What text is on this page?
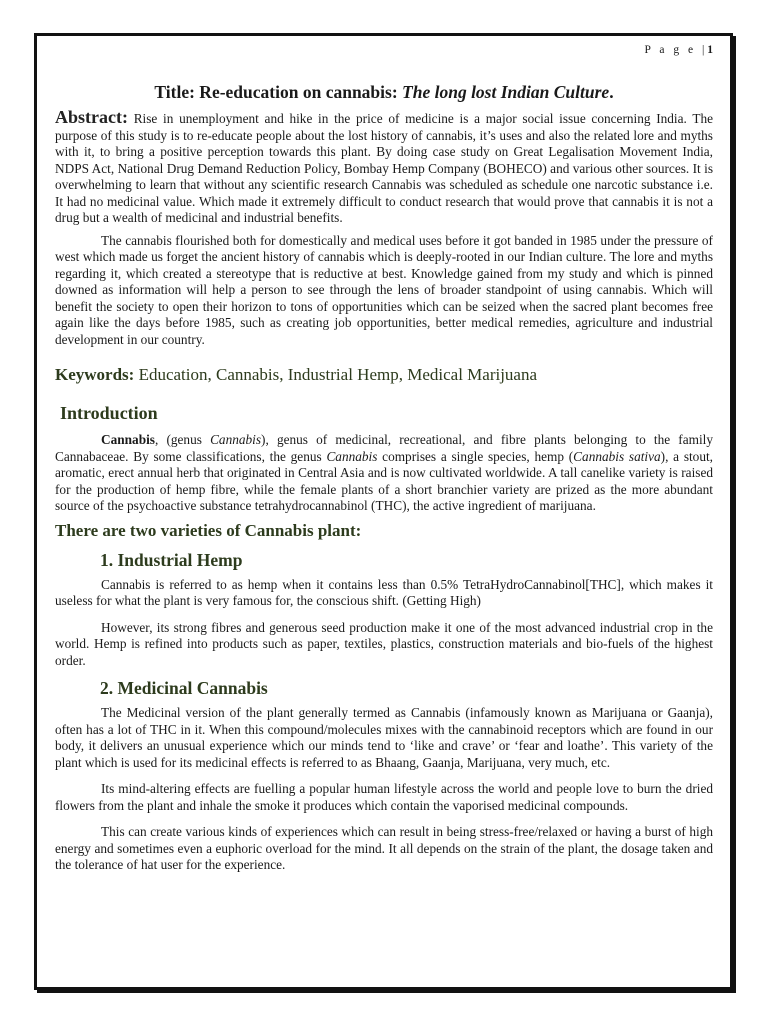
P a g e |1
Title: Re-education on cannabis: The long lost Indian Culture.

Abstract: Rise in unemployment and hike in the price of medicine is a major social issue concerning India. The purpose of this study is to re-educate people about the lost history of cannabis, it’s uses and also the related lore and myths with it, to bring a positive perception towards this plant. By doing case study on Great Legalisation Movement India, NDPS Act, National Drug Demand Reduction Policy, Bombay Hemp Company (BOHECO) and various other sources. It is overwhelming to learn that without any scientific research Cannabis was scheduled as schedule one narcotic substance i.e. It had no medicinal value. Which made it extremely difficult to conduct research that would prove that cannabis it is not a drug but a wealth of medicinal and industrial benefits.

The cannabis flourished both for domestically and medical uses before it got banded in 1985 under the pressure of west which made us forget the ancient history of cannabis which is deeply-rooted in our Indian culture. The lore and myths regarding it, which created a stereotype that is reductive at best. Knowledge gained from my study and which is pinned downed as information will help a person to see through the lens of broader standpoint of using cannabis. Which will benefit the society to open their horizon to tons of opportunities which can be seized when the sacred plant becomes free again like the days before 1985, such as creating job opportunities, better medical remedies, agriculture and industrial development in our country.

Keywords: Education, Cannabis, Industrial Hemp, Medical Marijuana
Introduction

Cannabis, (genus Cannabis), genus of medicinal, recreational, and fibre plants belonging to the family Cannabaceae. By some classifications, the genus Cannabis comprises a single species, hemp (Cannabis sativa), a stout, aromatic, erect annual herb that originated in Central Asia and is now cultivated worldwide. A tall canelike variety is raised for the production of hemp fibre, while the female plants of a short branchier variety are prized as the more abundant source of the psychoactive substance tetrahydrocannabinol (THC), the active ingredient of marijuana.

There are two varieties of Cannabis plant:
1. Industrial Hemp

Cannabis is referred to as hemp when it contains less than 0.5% TetraHydroCannabinol[THC], which makes it useless for what the plant is very famous for, the conscious shift. (Getting High)

However, its strong fibres and generous seed production make it one of the most advanced industrial crop in the world. Hemp is refined into products such as paper, textiles, plastics, construction materials and bio-fuels of the highest order.

2. Medicinal Cannabis

The Medicinal version of the plant generally termed as Cannabis (infamously known as Marijuana or Gaanja), often has a lot of THC in it. When this compound/molecules mixes with the cannabinoid receptors which are found in our body, it delivers an unusual experience which our minds tend to ‘like and crave’ or ‘fear and loathe’. This variety of the plant which is used for its medicinal effects is referred to as Bhaang, Gaanja, Marijuana, very much, etc.

Its mind-altering effects are fuelling a popular human lifestyle across the world and people love to burn the dried flowers from the plant and inhale the smoke it produces which contain the vaporised medicinal compounds.

This can create various kinds of experiences which can result in being stress-free/relaxed or having a burst of high energy and sometimes even a euphoric overload for the mind. It all depends on the strain of the plant, the dosage taken and the tolerance of hat user for the experience.
